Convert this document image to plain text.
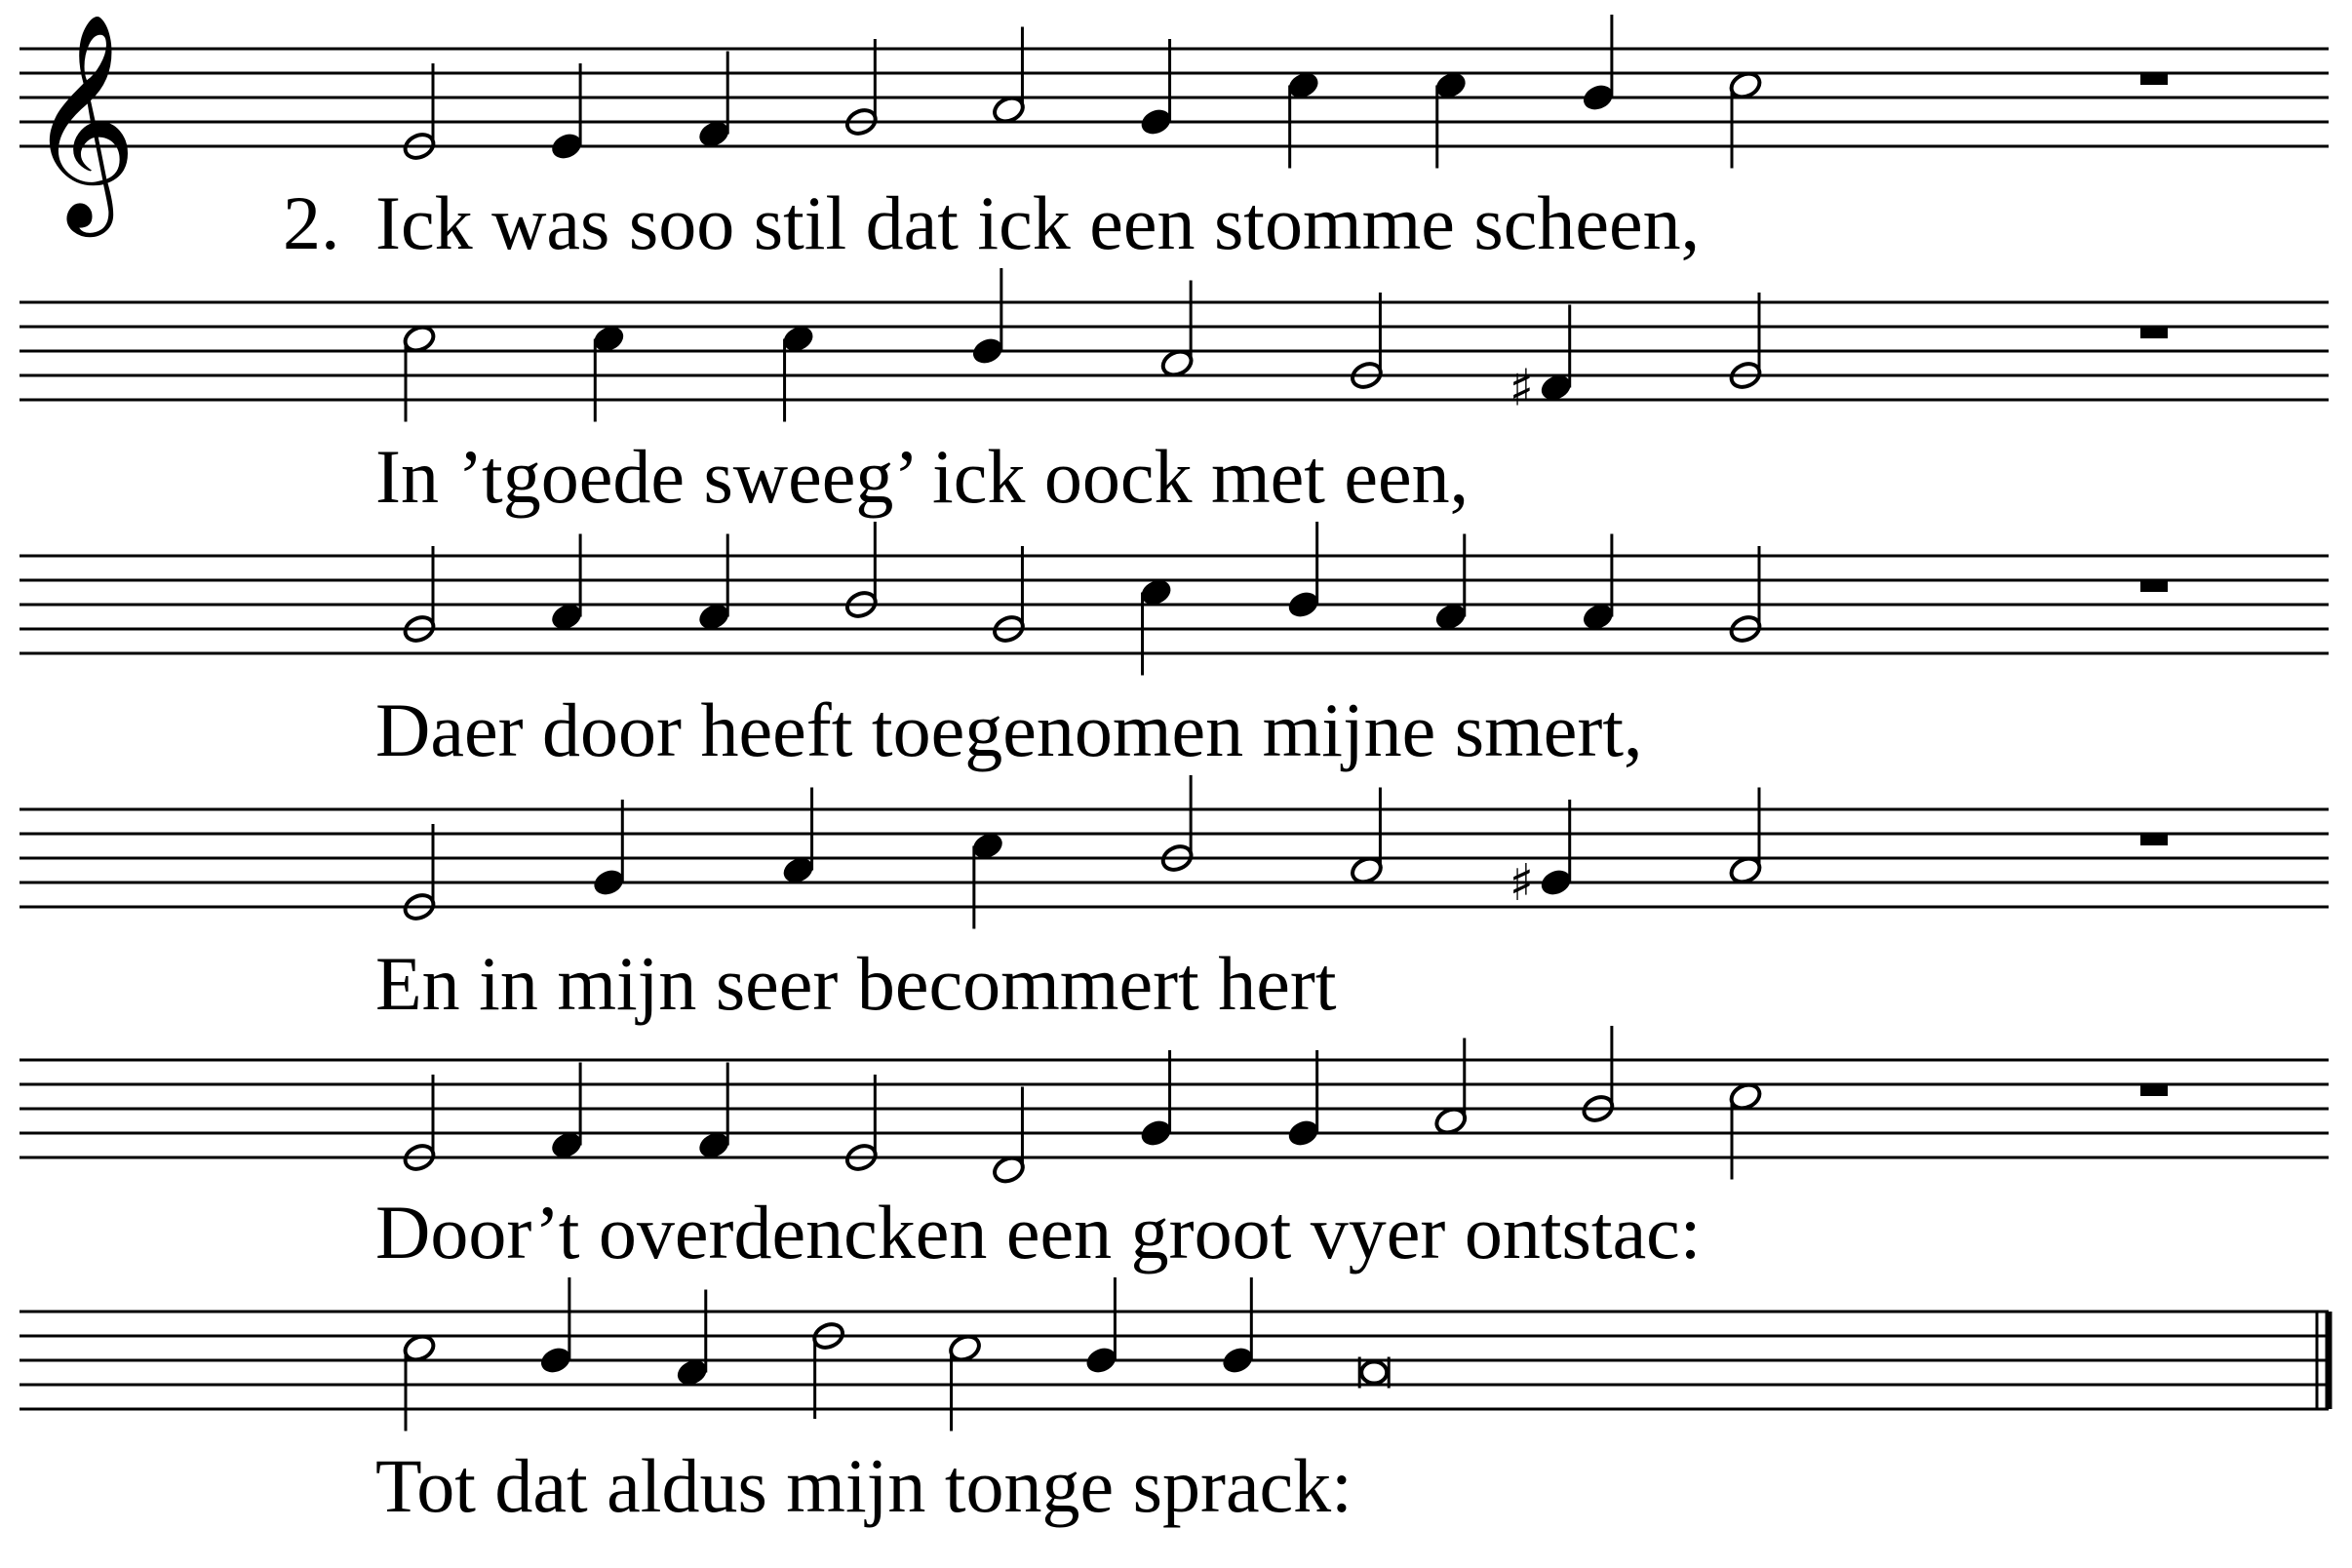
𝄞
♯
♯
2. Ick was soo stil dat ick een stomme scheen,
In ’tgoede sweeg’ ick oock met een,
Daer door heeft toegenomen mijne smert,
En in mijn seer becommert hert
Door’t overdencken een groot vyer ontstac:
Tot dat aldus mijn tonge sprack:
